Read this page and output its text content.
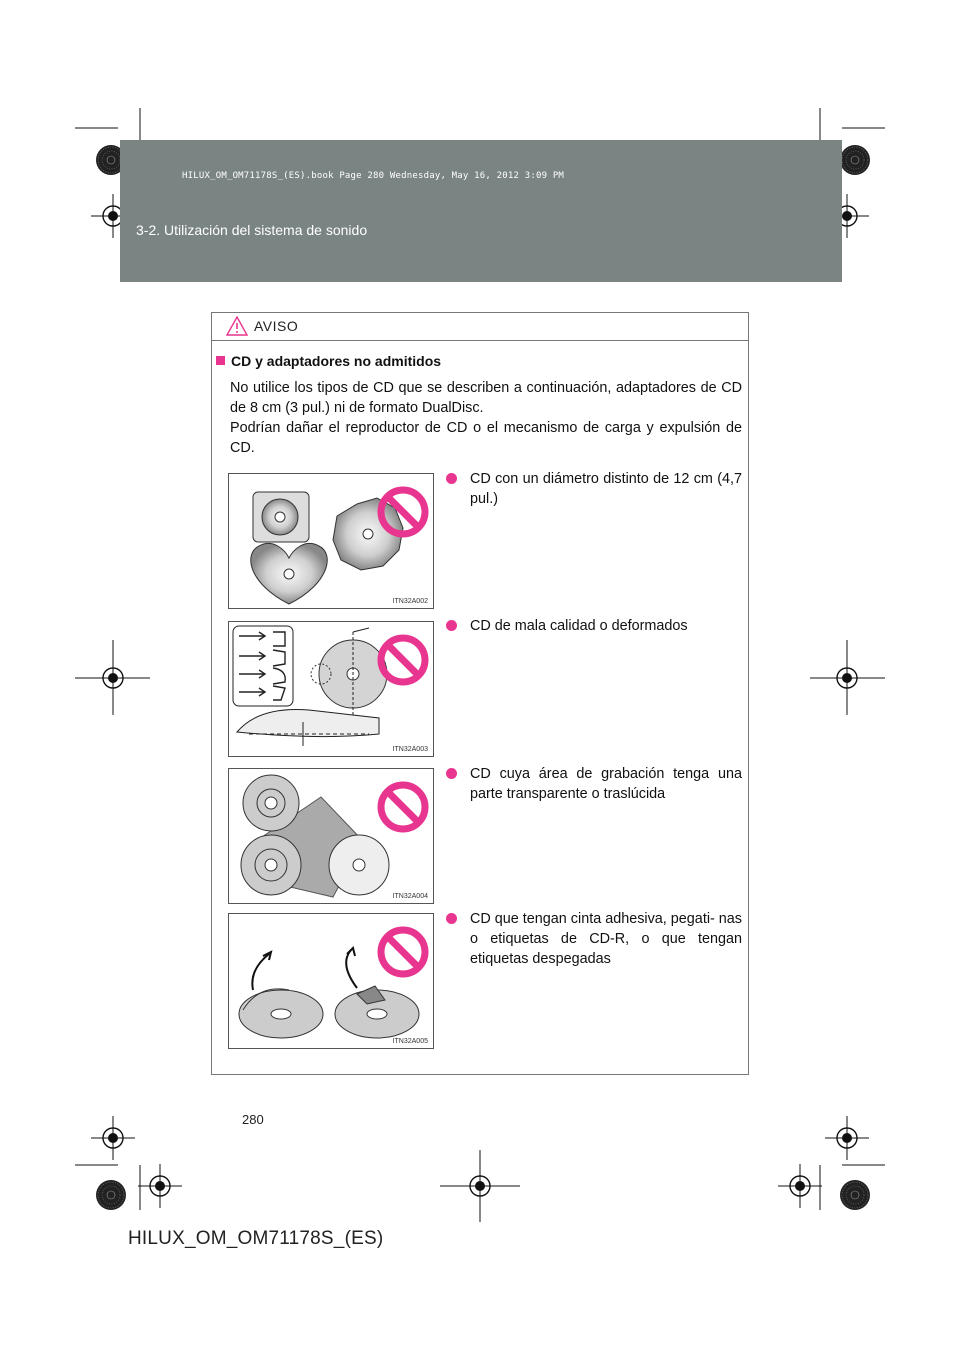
HILUX_OM_OM71178S_(ES).book Page 280 Wednesday, May 16, 2012 3:09 PM
3-2. Utilización del sistema de sonido
AVISO
CD y adaptadores no admitidos

No utilice los tipos de CD que se describen a continuación, adaptadores de CD de 8 cm (3 pul.) ni de formato DualDisc.

Podrían dañar el reproductor de CD o el mecanismo de carga y expulsión de CD.

ITN32A002
CD con un diámetro distinto de 12 cm (4,7 pul.)
ITN32A003
CD de mala calidad o deformados
ITN32A004
CD cuya área de grabación tenga una parte transparente o traslúcida
ITN32A005
CD que tengan cinta adhesiva, pegati- nas o etiquetas de CD-R, o que tengan etiquetas despegadas
280
HILUX_OM_OM71178S_(ES)
